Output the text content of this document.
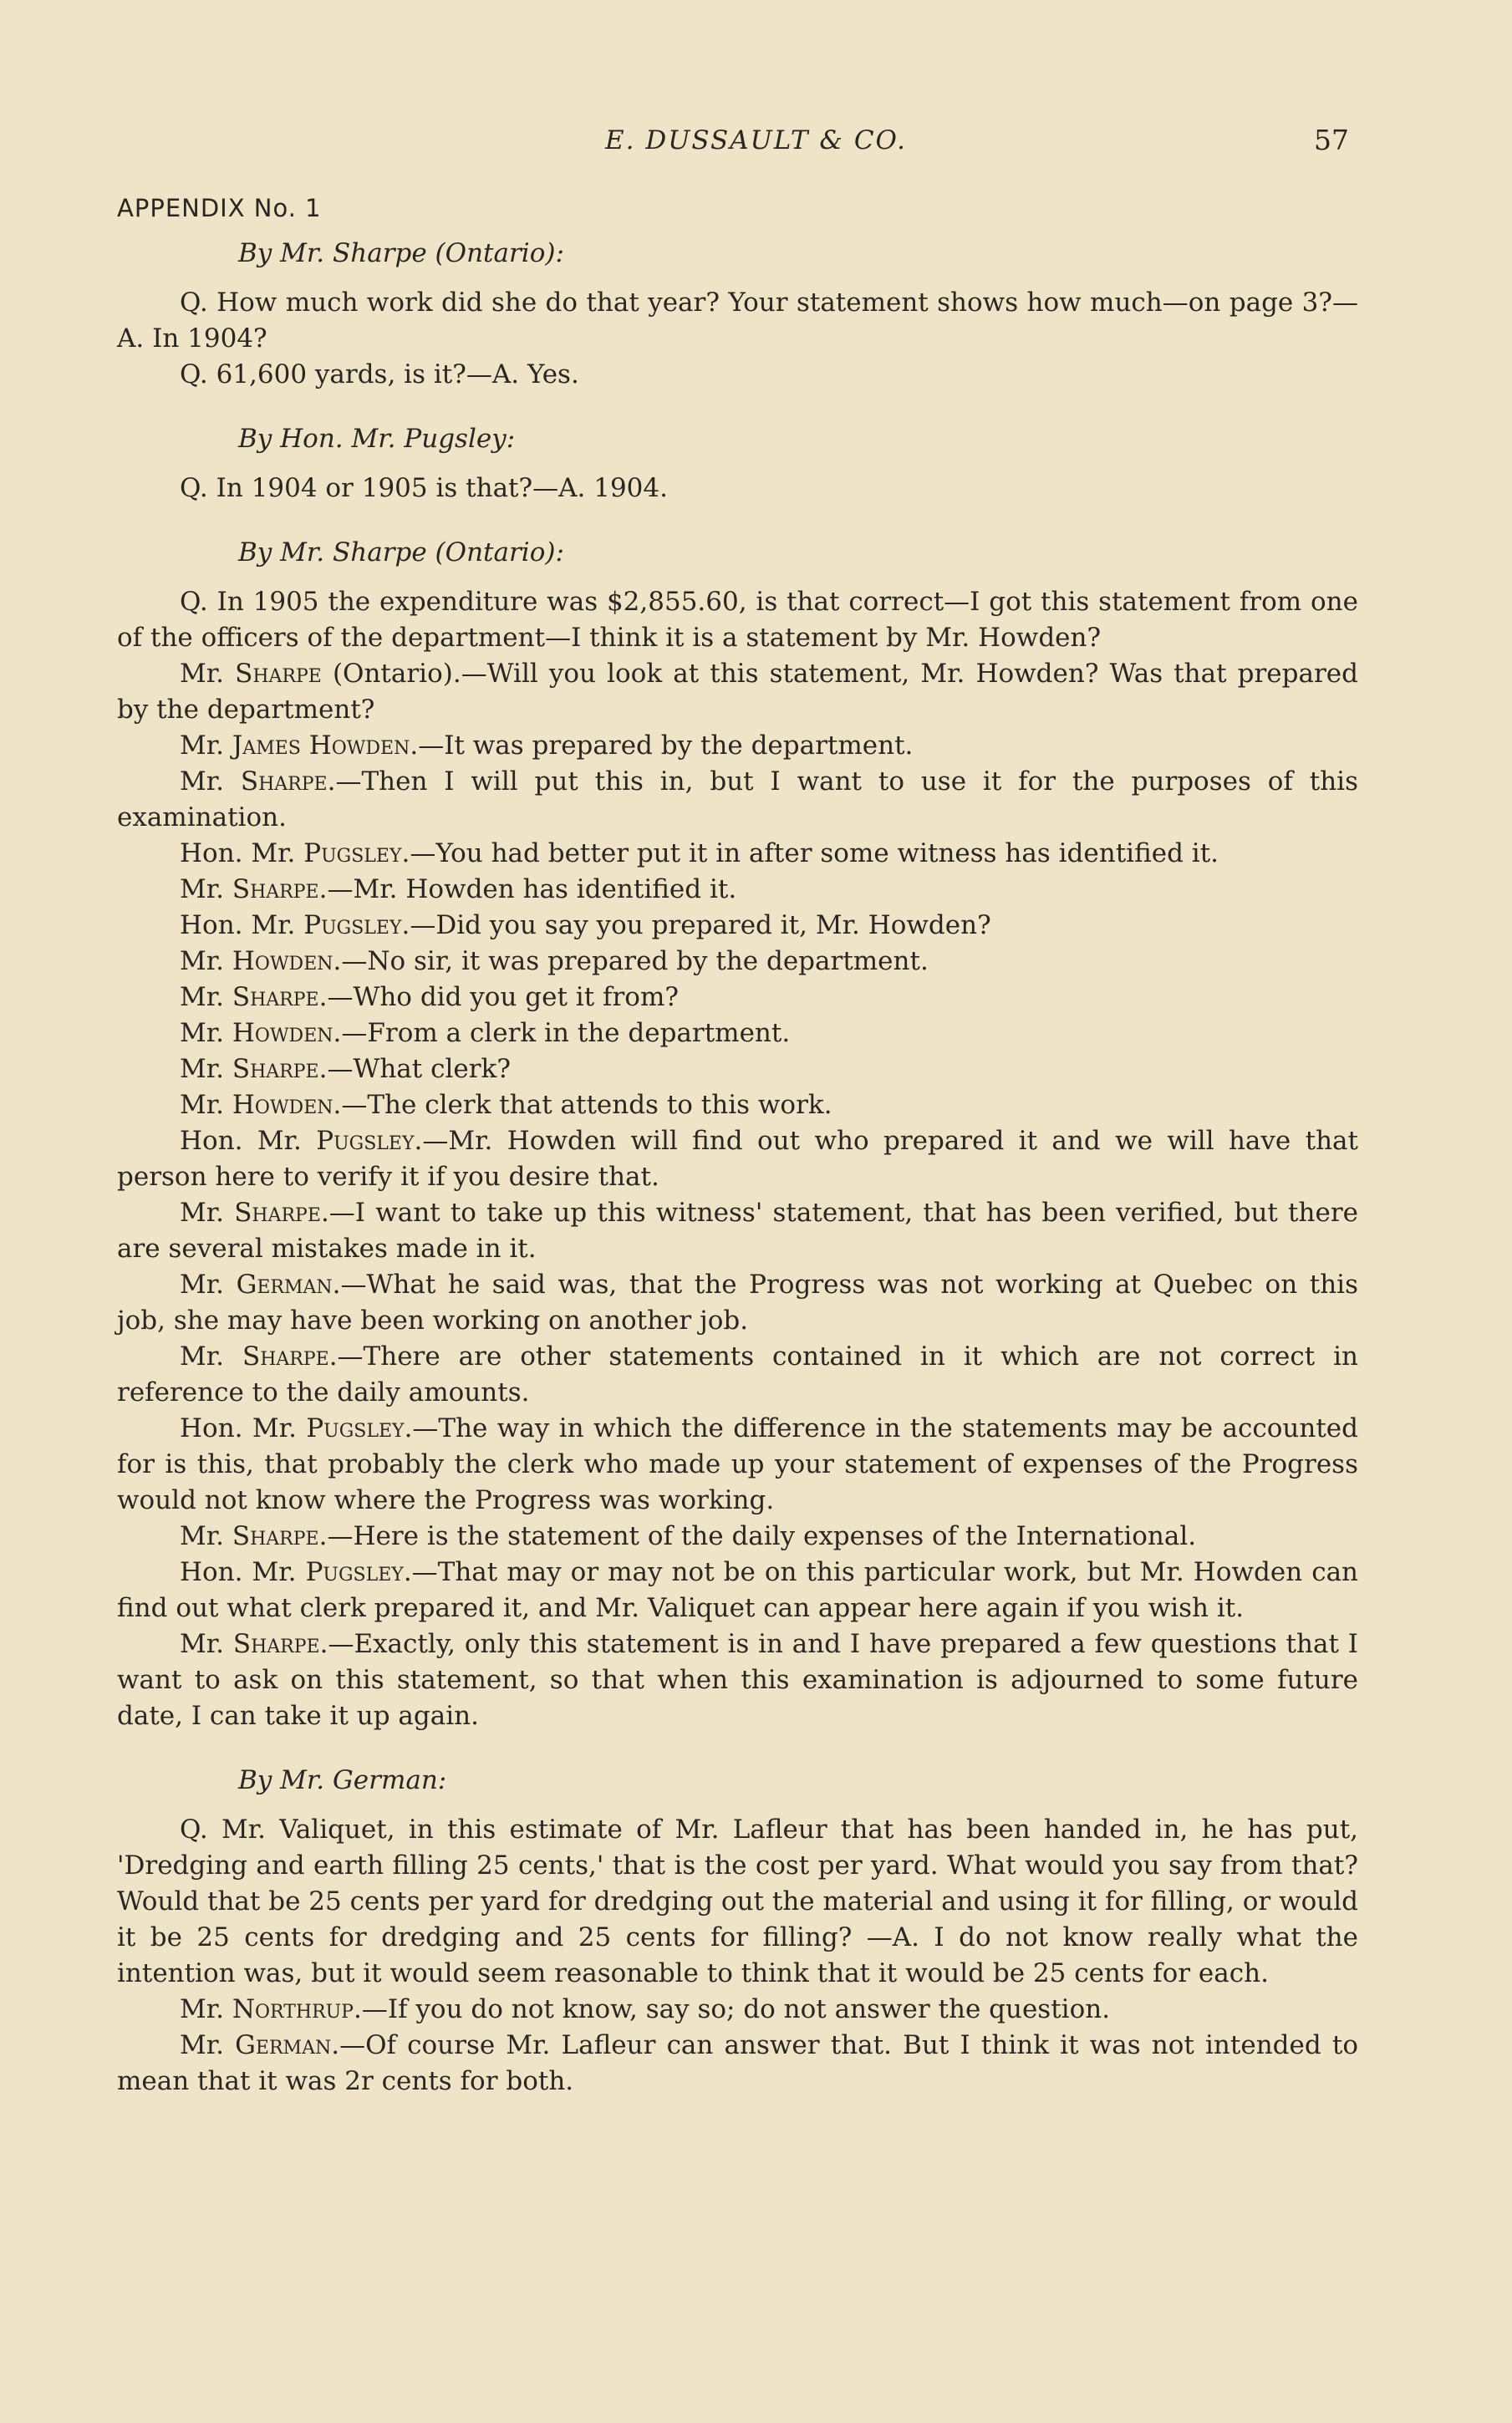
E. DUSSAULT & CO.	57
APPENDIX No. 1

By Mr. Sharpe (Ontario):

Q. How much work did she do that year? Your statement shows how much—on page 3?—A. In 1904?

Q. 61,600 yards, is it?—A. Yes.

By Hon. Mr. Pugsley:

Q. In 1904 or 1905 is that?—A. 1904.

By Mr. Sharpe (Ontario):

Q. In 1905 the expenditure was $2,855.60, is that correct—I got this statement from one of the officers of the department—I think it is a statement by Mr. Howden?

Mr. Sharpe (Ontario).—Will you look at this statement, Mr. Howden? Was that prepared by the department?

Mr. James Howden.—It was prepared by the department.

Mr. Sharpe.—Then I will put this in, but I want to use it for the purposes of this examination.

Hon. Mr. Pugsley.—You had better put it in after some witness has identified it.

Mr. Sharpe.—Mr. Howden has identified it.

Hon. Mr. Pugsley.—Did you say you prepared it, Mr. Howden?

Mr. Howden.—No sir, it was prepared by the department.

Mr. Sharpe.—Who did you get it from?

Mr. Howden.—From a clerk in the department.

Mr. Sharpe.—What clerk?

Mr. Howden.—The clerk that attends to this work.

Hon. Mr. Pugsley.—Mr. Howden will find out who prepared it and we will have that person here to verify it if you desire that.

Mr. Sharpe.—I want to take up this witness' statement, that has been verified, but there are several mistakes made in it.

Mr. German.—What he said was, that the Progress was not working at Quebec on this job, she may have been working on another job.

Mr. Sharpe.—There are other statements contained in it which are not correct in reference to the daily amounts.

Hon. Mr. Pugsley.—The way in which the difference in the statements may be accounted for is this, that probably the clerk who made up your statement of expenses of the Progress would not know where the Progress was working.

Mr. Sharpe.—Here is the statement of the daily expenses of the International.

Hon. Mr. Pugsley.—That may or may not be on this particular work, but Mr. Howden can find out what clerk prepared it, and Mr. Valiquet can appear here again if you wish it.

Mr. Sharpe.—Exactly, only this statement is in and I have prepared a few questions that I want to ask on this statement, so that when this examination is adjourned to some future date, I can take it up again.

By Mr. German:

Q. Mr. Valiquet, in this estimate of Mr. Lafleur that has been handed in, he has put, 'Dredging and earth filling 25 cents,' that is the cost per yard. What would you say from that? Would that be 25 cents per yard for dredging out the material and using it for filling, or would it be 25 cents for dredging and 25 cents for filling? —A. I do not know really what the intention was, but it would seem reasonable to think that it would be 25 cents for each.

Mr. Northrup.—If you do not know, say so; do not answer the question.

Mr. German.—Of course Mr. Lafleur can answer that. But I think it was not intended to mean that it was 2r cents for both.
